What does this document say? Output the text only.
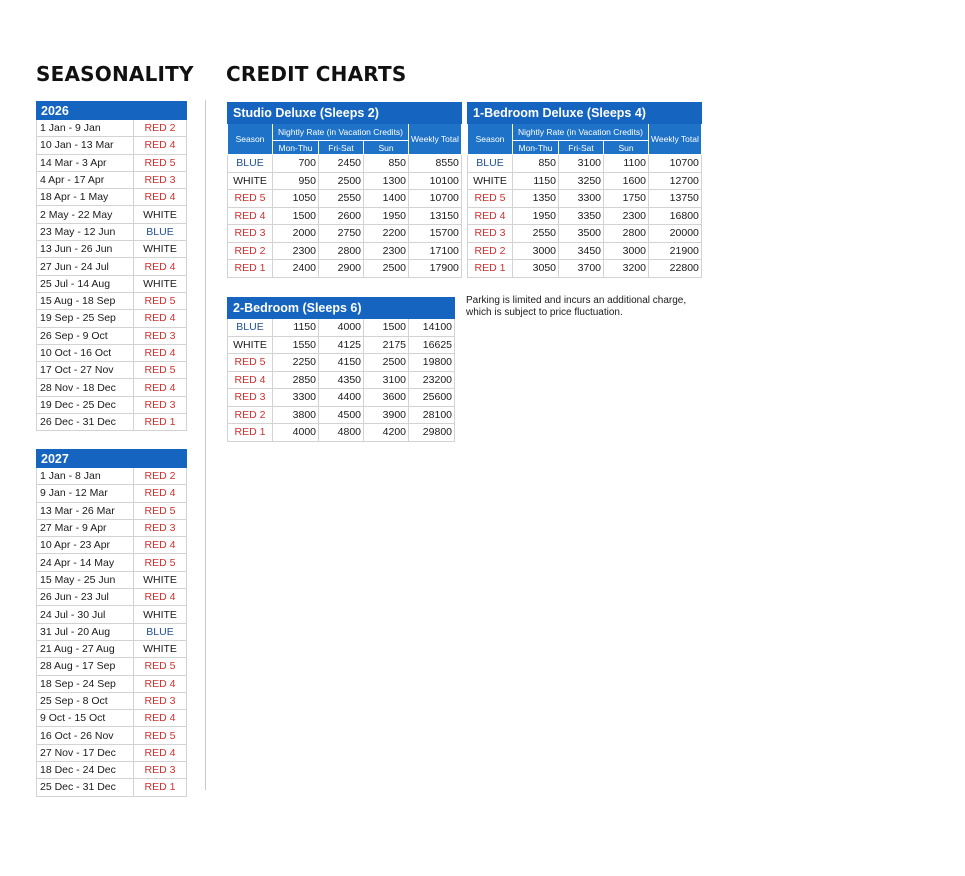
SEASONALITY CREDIT CHARTS
2026	
1 Jan - 9 Jan	RED 2
10 Jan - 13 Mar	RED 4
14 Mar - 3 Apr	RED 5
4 Apr - 17 Apr	RED 3
18 Apr - 1 May	RED 4
2 May - 22 May	WHITE
23 May - 12 Jun	BLUE
13 Jun - 26 Jun	WHITE
27 Jun - 24 Jul	RED 4
25 Jul - 14 Aug	WHITE
15 Aug - 18 Sep	RED 5
19 Sep - 25 Sep	RED 4
26 Sep - 9 Oct	RED 3
10 Oct - 16 Oct	RED 4
17 Oct - 27 Nov	RED 5
28 Nov - 18 Dec	RED 4
19 Dec - 25 Dec	RED 3
26 Dec - 31 Dec	RED 1
2027	
1 Jan - 8 Jan	RED 2
9 Jan - 12 Mar	RED 4
13 Mar - 26 Mar	RED 5
27 Mar - 9 Apr	RED 3
10 Apr - 23 Apr	RED 4
24 Apr - 14 May	RED 5
15 May - 25 Jun	WHITE
26 Jun - 23 Jul	RED 4
24 Jul - 30 Jul	WHITE
31 Jul - 20 Aug	BLUE
21 Aug - 27 Aug	WHITE
28 Aug - 17 Sep	RED 5
18 Sep - 24 Sep	RED 4
25 Sep - 8 Oct	RED 3
9 Oct - 15 Oct	RED 4
16 Oct - 26 Nov	RED 5
27 Nov - 17 Dec	RED 4
18 Dec - 24 Dec	RED 3
25 Dec - 31 Dec	RED 1
Studio Deluxe (Sleeps 2)				
Season	Nightly Rate (in Vacation Credits)			Weekly Total
	Mon-Thu	Fri-Sat	Sun	
BLUE	700	2450	850	8550
WHITE	950	2500	1300	10100
RED 5	1050	2550	1400	10700
RED 4	1500	2600	1950	13150
RED 3	2000	2750	2200	15700
RED 2	2300	2800	2300	17100
RED 1	2400	2900	2500	17900
1-Bedroom Deluxe (Sleeps 4)				
Season	Nightly Rate (in Vacation Credits)			Weekly Total
	Mon-Thu	Fri-Sat	Sun	
BLUE	850	3100	1100	10700
WHITE	1150	3250	1600	12700
RED 5	1350	3300	1750	13750
RED 4	1950	3350	2300	16800
RED 3	2550	3500	2800	20000
RED 2	3000	3450	3000	21900
RED 1	3050	3700	3200	22800
2-Bedroom (Sleeps 6)				
BLUE	1150	4000	1500	14100
WHITE	1550	4125	2175	16625
RED 5	2250	4150	2500	19800
RED 4	2850	4350	3100	23200
RED 3	3300	4400	3600	25600
RED 2	3800	4500	3900	28100
RED 1	4000	4800	4200	29800
Parking is limited and incurs an additional charge, which is subject to price fluctuation.
